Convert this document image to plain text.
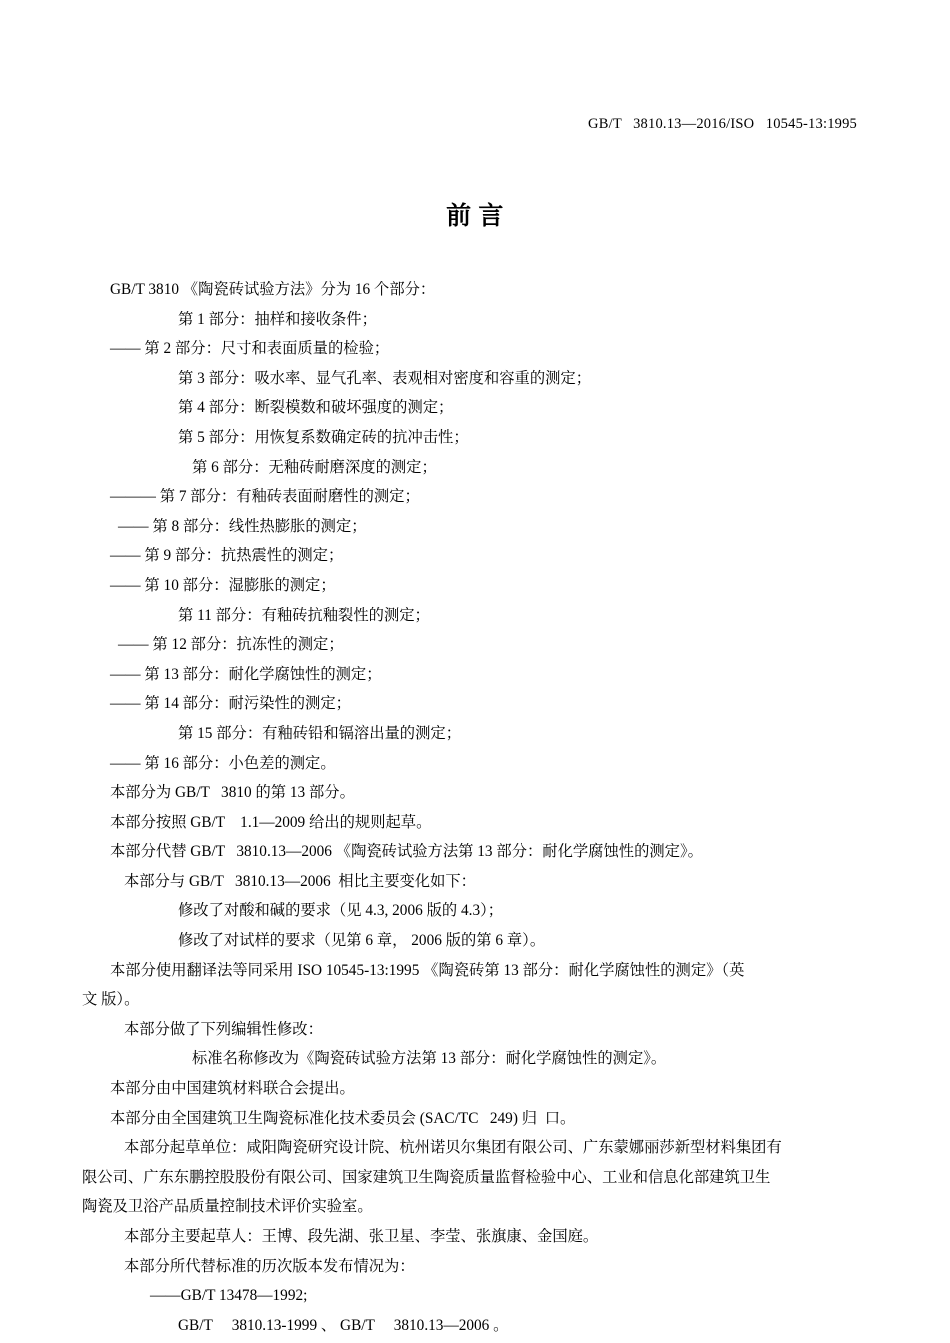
GB/T   3810.13—2016/ISO   10545-13:1995
前 言
GB/T 3810 《陶瓷砖试验方法》分为 16 个部分：
第 1 部分：抽样和接收条件；
—— 第 2 部分：尺寸和表面质量的检验；
第 3 部分：吸水率、显气孔率、表观相对密度和容重的测定；
第 4 部分：断裂模数和破坏强度的测定；
第 5 部分：用恢复系数确定砖的抗冲击性；
第 6 部分：无釉砖耐磨深度的测定；
——— 第 7 部分：有釉砖表面耐磨性的测定；
—— 第 8 部分：线性热膨胀的测定；
—— 第 9 部分：抗热震性的测定；
—— 第 10 部分：湿膨胀的测定；
第 11 部分：有釉砖抗釉裂性的测定；
—— 第 12 部分：抗冻性的测定；
—— 第 13 部分：耐化学腐蚀性的测定；
—— 第 14 部分：耐污染性的测定；
第 15 部分：有釉砖铅和镉溶出量的测定；
—— 第 16 部分：小色差的测定。
本部分为 GB/T   3810 的第 13 部分。
本部分按照 GB/T    1.1—2009 给出的规则起草。
本部分代替 GB/T   3810.13—2006 《陶瓷砖试验方法第 13 部分：耐化学腐蚀性的测定》。
本部分与 GB/T   3810.13—2006  相比主要变化如下：
修改了对酸和碱的要求（见 4.3, 2006 版的 4.3）；
修改了对试样的要求（见第 6 章， 2006 版的第 6 章）。
本部分使用翻译法等同采用 ISO 10545-13:1995 《陶瓷砖第 13 部分：耐化学腐蚀性的测定》（英
文 版）。
本部分做了下列编辑性修改：
标准名称修改为《陶瓷砖试验方法第 13 部分：耐化学腐蚀性的测定》。
本部分由中国建筑材料联合会提出。
本部分由全国建筑卫生陶瓷标准化技术委员会 (SAC/TC   249) 归  口。
本部分起草单位：咸阳陶瓷研究设计院、杭州诺贝尔集团有限公司、广东蒙娜丽莎新型材料集团有
限公司、广东东鹏控股股份有限公司、国家建筑卫生陶瓷质量监督检验中心、工业和信息化部建筑卫生
陶瓷及卫浴产品质量控制技术评价实验室。
本部分主要起草人：王博、段先湖、张卫星、李莹、张旗康、金国庭。
本部分所代替标准的历次版本发布情况为：
——GB/T 13478—1992;
GB/T     3810.13-1999 、 GB/T     3810.13—2006 。
